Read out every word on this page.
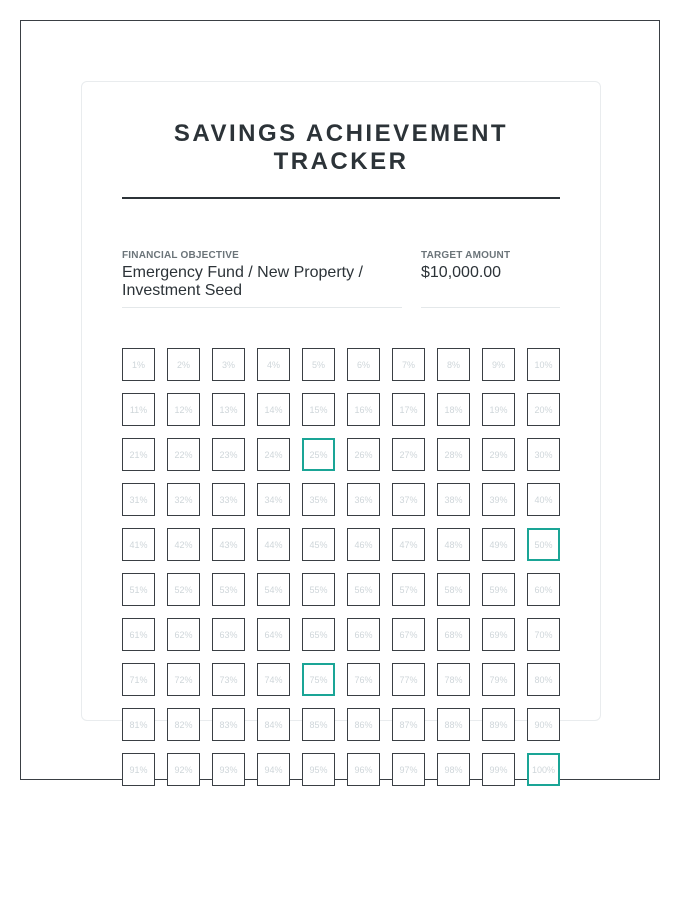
SAVINGS ACHIEVEMENT TRACKER
FINANCIAL OBJECTIVE
Emergency Fund / New Property / Investment Seed
TARGET AMOUNT
$10,000.00
1%	2%	3%	4%	5%	6%	7%	8%	9%	10%
11%	12%	13%	14%	15%	16%	17%	18%	19%	20%
21%	22%	23%	24%	25%	26%	27%	28%	29%	30%
31%	32%	33%	34%	35%	36%	37%	38%	39%	40%
41%	42%	43%	44%	45%	46%	47%	48%	49%	50%
51%	52%	53%	54%	55%	56%	57%	58%	59%	60%
61%	62%	63%	64%	65%	66%	67%	68%	69%	70%
71%	72%	73%	74%	75%	76%	77%	78%	79%	80%
81%	82%	83%	84%	85%	86%	87%	88%	89%	90%
91%	92%	93%	94%	95%	96%	97%	98%	99%	100%
